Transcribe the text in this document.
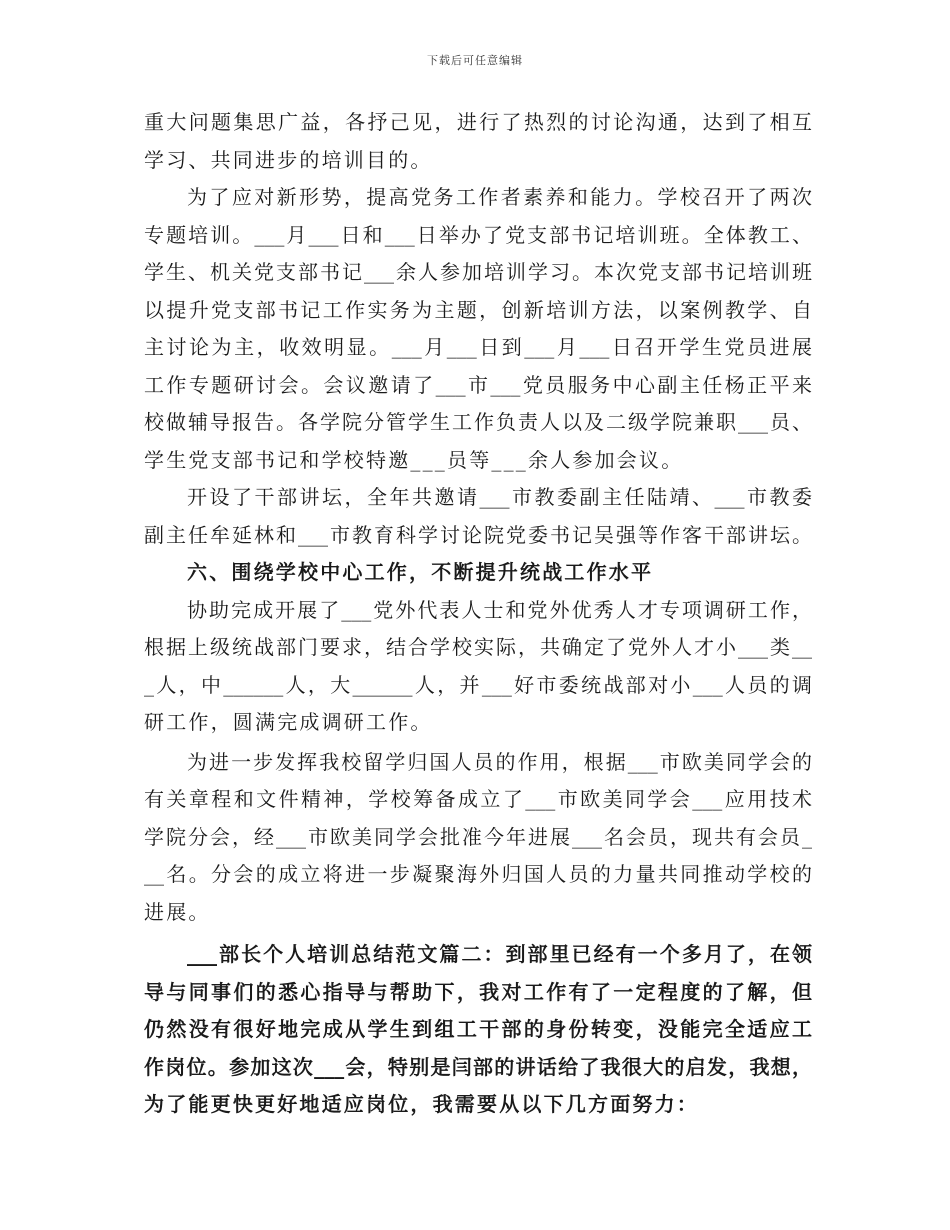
下载后可任意编辑
重大问题集思广益，各抒己见，进行了热烈的讨论沟通，达到了相互
学习、共同进步的培训目的。
为了应对新形势，提高党务工作者素养和能力。学校召开了两次
专题培训。___月___日和___日举办了党支部书记培训班。全体教工、
学生、机关党支部书记___余人参加培训学习。本次党支部书记培训班
以提升党支部书记工作实务为主题，创新培训方法，以案例教学、自
主讨论为主，收效明显。___月___日到___月___日召开学生党员进展
工作专题研讨会。会议邀请了___市___党员服务中心副主任杨正平来
校做辅导报告。各学院分管学生工作负责人以及二级学院兼职___员、
学生党支部书记和学校特邀___员等___余人参加会议。
开设了干部讲坛，全年共邀请___市教委副主任陆靖、___市教委
副主任牟延林和___市教育科学讨论院党委书记吴强等作客干部讲坛。
六、围绕学校中心工作，不断提升统战工作水平
协助完成开展了___党外代表人士和党外优秀人才专项调研工作，
根据上级统战部门要求，结合学校实际，共确定了党外人才小___类__
_人，中______人，大______人，并___好市委统战部对小___人员的调
研工作，圆满完成调研工作。
为进一步发挥我校留学归国人员的作用，根据___市欧美同学会的
有关章程和文件精神，学校筹备成立了___市欧美同学会___应用技术
学院分会，经___市欧美同学会批准今年进展___名会员，现共有会员_
__名。分会的成立将进一步凝聚海外归国人员的力量共同推动学校的
进展。
___部长个人培训总结范文篇二：到部里已经有一个多月了，在领
导与同事们的悉心指导与帮助下，我对工作有了一定程度的了解，但
仍然没有很好地完成从学生到组工干部的身份转变，没能完全适应工
作岗位。参加这次___会，特别是闫部的讲话给了我很大的启发，我想，
为了能更快更好地适应岗位，我需要从以下几方面努力：
